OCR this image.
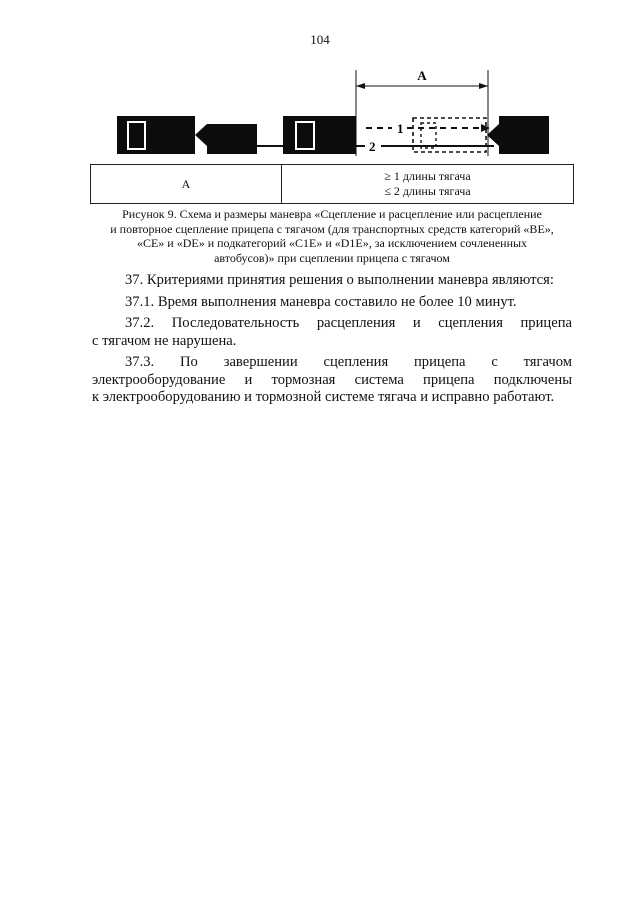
104
A
1
2
A
≥ 1 длины тягача
≤ 2 длины тягача
Рисунок 9. Схема и размеры маневра «Сцепление и расцепление или расцепление
и повторное сцепление прицепа с тягачом (для транспортных средств категорий «ВЕ»,
«СЕ» и «DE» и подкатегорий «С1Е» и «D1E», за исключением сочлененных
автобусов)» при сцеплении прицепа с тягачом

37. Критериями принятия решения о выполнении маневра являются:

37.1. Время выполнения маневра составило не более 10 минут.

37.2. Последовательность расцепления и сцепления прицепа

с тягачом не нарушена.

37.3. По завершении сцепления прицепа с тягачом

электрооборудование и тормозная система прицепа подключены

к электрооборудованию и тормозной системе тягача и исправно работают.
